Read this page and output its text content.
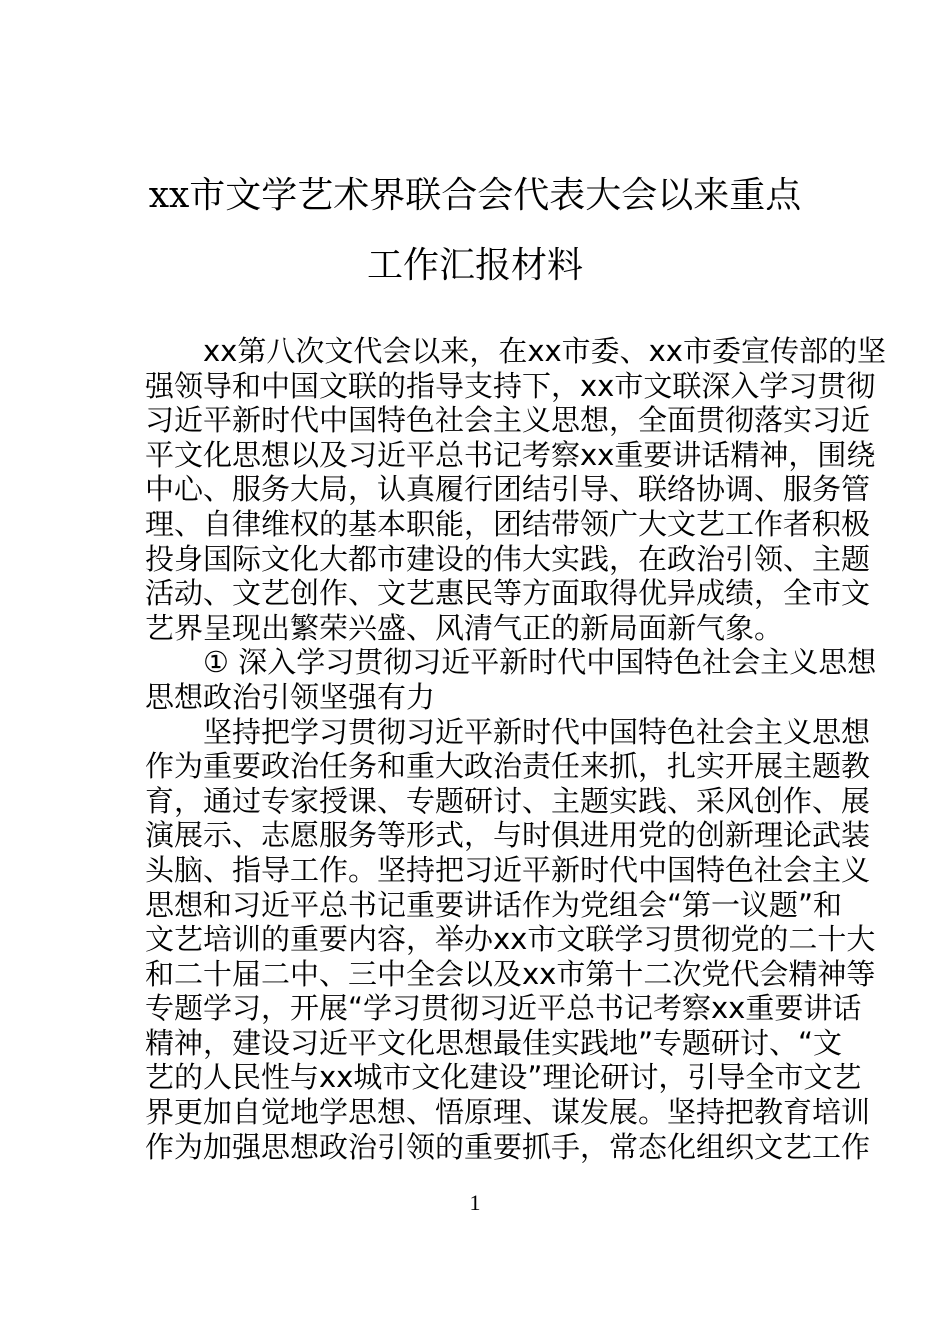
xx市文学艺术界联合会代表大会以来重点
工作汇报材料
xx第八次文代会以来，在xx市委、xx市委宣传部的坚
强领导和中国文联的指导支持下，xx市文联深入学习贯彻
习近平新时代中国特色社会主义思想，全面贯彻落实习近
平文化思想以及习近平总书记考察xx重要讲话精神，围绕
中心、服务大局，认真履行团结引导、联络协调、服务管
理、自律维权的基本职能，团结带领广大文艺工作者积极
投身国际文化大都市建设的伟大实践，在政治引领、主题
活动、文艺创作、文艺惠民等方面取得优异成绩，全市文
艺界呈现出繁荣兴盛、风清气正的新局面新气象。
① 深入学习贯彻习近平新时代中国特色社会主义思想
思想政治引领坚强有力
坚持把学习贯彻习近平新时代中国特色社会主义思想
作为重要政治任务和重大政治责任来抓，扎实开展主题教
育，通过专家授课、专题研讨、主题实践、采风创作、展
演展示、志愿服务等形式，与时俱进用党的创新理论武装
头脑、指导工作。坚持把习近平新时代中国特色社会主义
思想和习近平总书记重要讲话作为党组会“第一议题”和
文艺培训的重要内容，举办xx市文联学习贯彻党的二十大
和二十届二中、三中全会以及xx市第十二次党代会精神等
专题学习，开展“学习贯彻习近平总书记考察xx重要讲话
精神，建设习近平文化思想最佳实践地”专题研讨、“文
艺的人民性与xx城市文化建设”理论研讨，引导全市文艺
界更加自觉地学思想、悟原理、谋发展。坚持把教育培训
作为加强思想政治引领的重要抓手，常态化组织文艺工作
1
